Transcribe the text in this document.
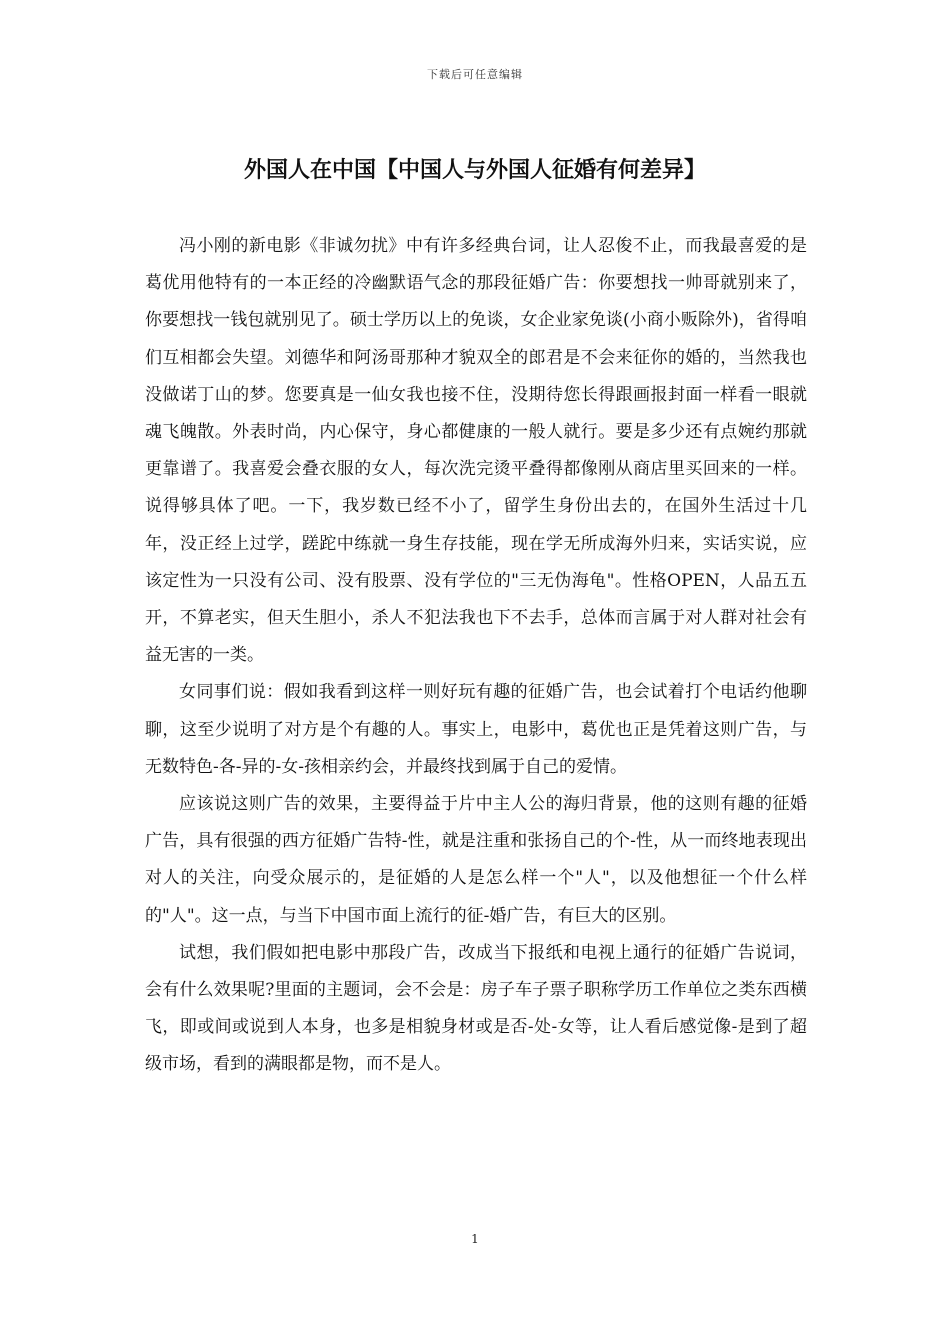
下载后可任意编辑
外国人在中国【中国人与外国人征婚有何差异】

冯小刚的新电影《非诚勿扰》中有许多经典台词，让人忍俊不止，而我最喜爱的是葛优用他特有的一本正经的冷幽默语气念的那段征婚广告：你要想找一帅哥就别来了，你要想找一钱包就别见了。硕士学历以上的免谈，女企业家免谈(小商小贩除外)，省得咱们互相都会失望。刘德华和阿汤哥那种才貌双全的郎君是不会来征你的婚的，当然我也没做诺丁山的梦。您要真是一仙女我也接不住，没期待您长得跟画报封面一样看一眼就魂飞魄散。外表时尚，内心保守，身心都健康的一般人就行。要是多少还有点婉约那就更靠谱了。我喜爱会叠衣服的女人，每次洗完烫平叠得都像刚从商店里买回来的一样。说得够具体了吧。一下，我岁数已经不小了，留学生身份出去的，在国外生活过十几年，没正经上过学，蹉跎中练就一身生存技能，现在学无所成海外归来，实话实说，应该定性为一只没有公司、没有股票、没有学位的"三无伪海龟"。性格OPEN，人品五五开，不算老实，但天生胆小，杀人不犯法我也下不去手，总体而言属于对人群对社会有益无害的一类。

女同事们说：假如我看到这样一则好玩有趣的征婚广告，也会试着打个电话约他聊聊，这至少说明了对方是个有趣的人。事实上，电影中，葛优也正是凭着这则广告，与无数特色-各-异的-女-孩相亲约会，并最终找到属于自己的爱情。

应该说这则广告的效果，主要得益于片中主人公的海归背景，他的这则有趣的征婚广告，具有很强的西方征婚广告特-性，就是注重和张扬自己的个-性，从一而终地表现出对人的关注，向受众展示的，是征婚的人是怎么样一个"人"，以及他想征一个什么样的"人"。这一点，与当下中国市面上流行的征-婚广告，有巨大的区别。

试想，我们假如把电影中那段广告，改成当下报纸和电视上通行的征婚广告说词，会有什么效果呢?里面的主题词，会不会是：房子车子票子职称学历工作单位之类东西横飞，即或间或说到人本身，也多是相貌身材或是否-处-女等，让人看后感觉像-是到了超级市场，看到的满眼都是物，而不是人。

1
